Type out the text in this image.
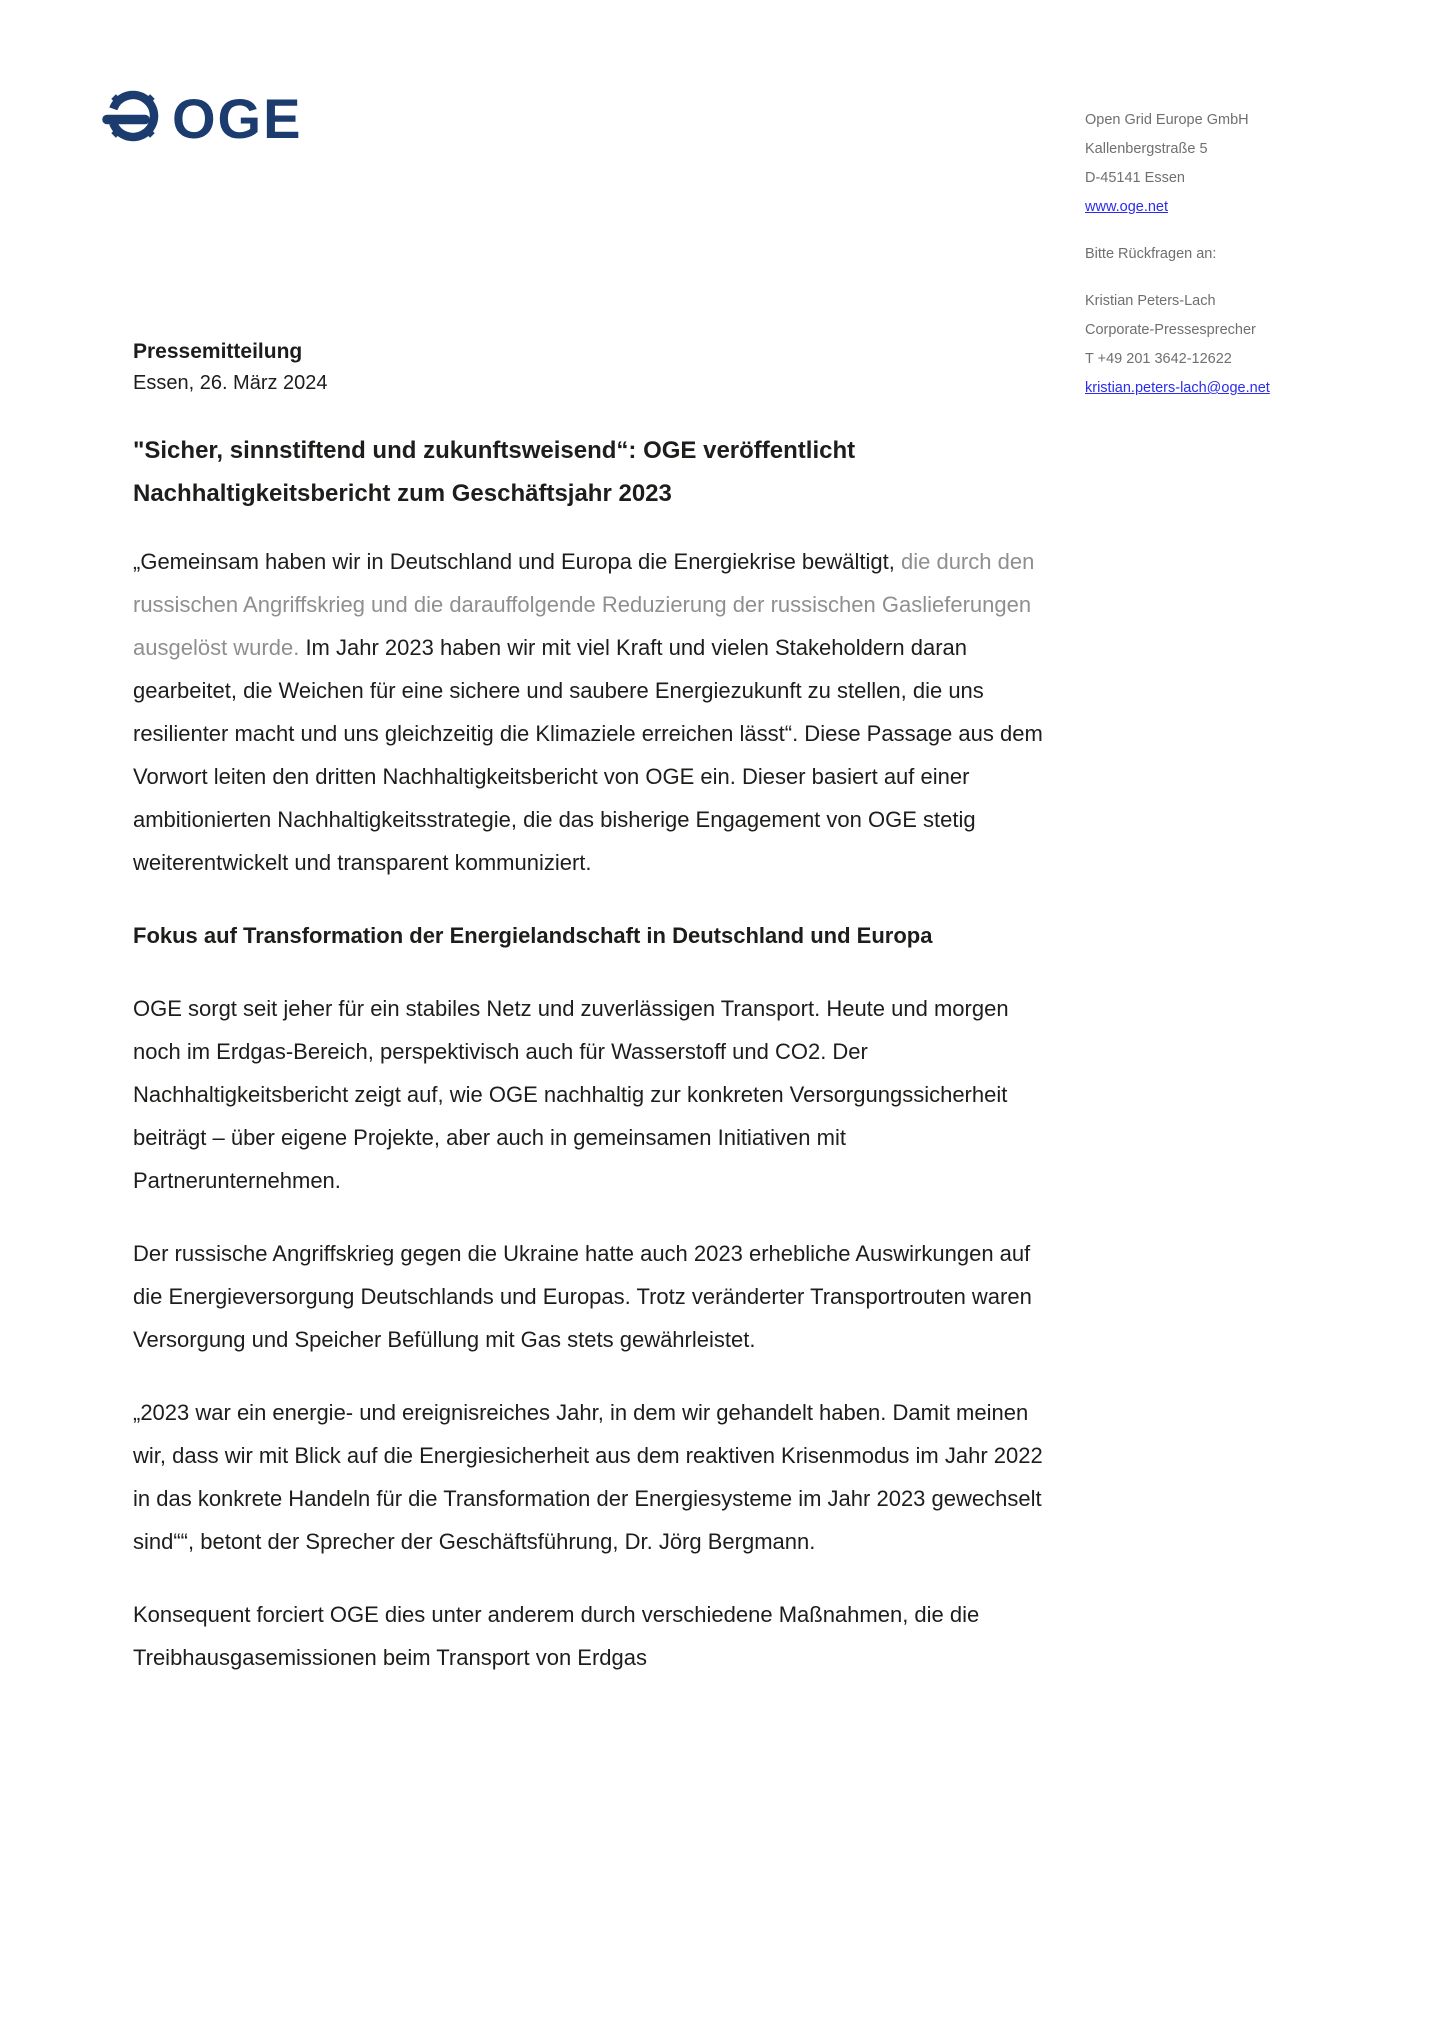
OGE	Open Grid Europe GmbH
Kallenbergstraße 5
D-45141 Essen
www.oge.net
Bitte Rückfragen an:
Kristian Peters-Lach
Corporate-Pressesprecher
T +49 201 3642-12622
kristian.peters-lach@oge.net
Pressemitteilung
Essen, 26. März 2024
"Sicher, sinnstiftend und zukunftsweisend“: OGE veröffentlicht Nachhaltigkeitsbericht zum Geschäftsjahr 2023

„Gemeinsam haben wir in Deutschland und Europa die Energiekrise bewältigt, die durch den russischen Angriffskrieg und die darauffolgende Reduzierung der russischen Gaslieferungen ausgelöst wurde. Im Jahr 2023 haben wir mit viel Kraft und vielen Stakeholdern daran gearbeitet, die Weichen für eine sichere und saubere Energiezukunft zu stellen, die uns resilienter macht und uns gleichzeitig die Klimaziele erreichen lässt“. Diese Passage aus dem Vorwort leiten den dritten Nachhaltigkeitsbericht von OGE ein. Dieser basiert auf einer ambitionierten Nachhaltigkeitsstrategie, die das bisherige Engagement von OGE stetig weiterentwickelt und transparent kommuniziert.

Fokus auf Transformation der Energielandschaft in Deutschland und Europa

OGE sorgt seit jeher für ein stabiles Netz und zuverlässigen Transport. Heute und morgen noch im Erdgas-Bereich, perspektivisch auch für Wasserstoff und CO2. Der Nachhaltigkeitsbericht zeigt auf, wie OGE nachhaltig zur konkreten Versorgungssicherheit beiträgt – über eigene Projekte, aber auch in gemeinsamen Initiativen mit Partnerunternehmen.

Der russische Angriffskrieg gegen die Ukraine hatte auch 2023 erhebliche Auswirkungen auf die Energieversorgung Deutschlands und Europas. Trotz veränderter Transportrouten waren Versorgung und Speicher Befüllung mit Gas stets gewährleistet.

„2023 war ein energie- und ereignisreiches Jahr, in dem wir gehandelt haben. Damit meinen wir, dass wir mit Blick auf die Energiesicherheit aus dem reaktiven Krisenmodus im Jahr 2022 in das konkrete Handeln für die Transformation der Energiesysteme im Jahr 2023 gewechselt sind““, betont der Sprecher der Geschäftsführung, Dr. Jörg Bergmann.

Konsequent forciert OGE dies unter anderem durch verschiedene Maßnahmen, die die Treibhausgasemissionen beim Transport von Erdgas
